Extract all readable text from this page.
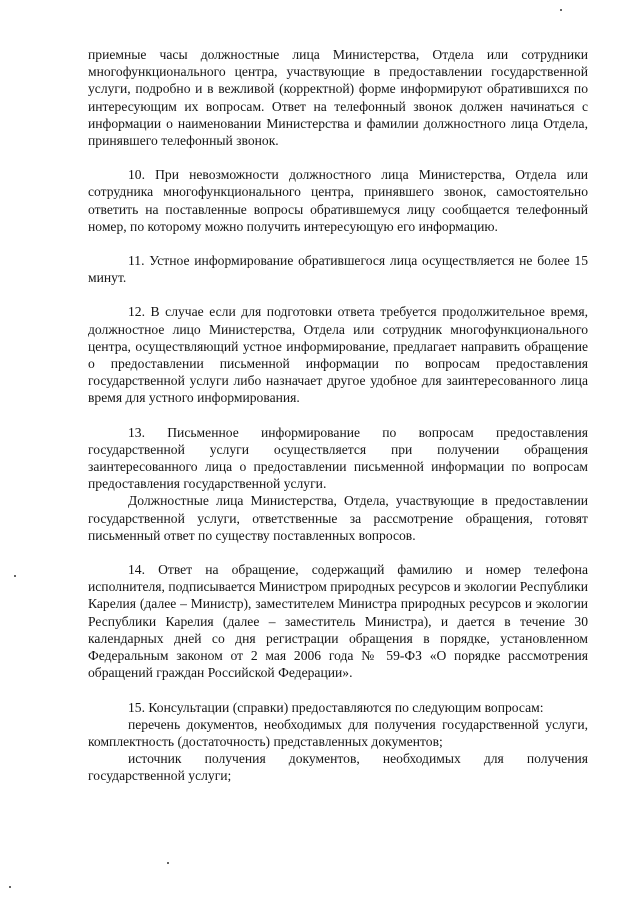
приемные часы должностные лица Министерства, Отдела или сотрудники многофункционального центра, участвующие в предоставлении государственной услуги, подробно и в вежливой (корректной) форме информируют обратившихся по интересующим их вопросам. Ответ на телефонный звонок должен начинаться с информации о наименовании Министерства и фамилии должностного лица Отдела, принявшего телефонный звонок.

10. При невозможности должностного лица Министерства, Отдела или сотрудника многофункционального центра, принявшего звонок, самостоятельно ответить на поставленные вопросы обратившемуся лицу сообщается телефонный номер, по которому можно получить интересующую его информацию.

11. Устное информирование обратившегося лица осуществляется не более 15 минут.

12. В случае если для подготовки ответа требуется продолжительное время, должностное лицо Министерства, Отдела или сотрудник многофункционального центра, осуществляющий устное информирование, предлагает направить обращение о предоставлении письменной информации по вопросам предоставления государственной услуги либо назначает другое удобное для заинтересованного лица время для устного информирования.

13. Письменное информирование по вопросам предоставления государственной услуги осуществляется при получении обращения заинтересованного лица о предоставлении письменной информации по вопросам предоставления государственной услуги.

Должностные лица Министерства, Отдела, участвующие в предоставлении государственной услуги, ответственные за рассмотрение обращения, готовят письменный ответ по существу поставленных вопросов.

14. Ответ на обращение, содержащий фамилию и номер телефона исполнителя, подписывается Министром природных ресурсов и экологии Республики Карелия (далее – Министр), заместителем Министра природных ресурсов и экологии Республики Карелия (далее – заместитель Министра), и дается в течение 30 календарных дней со дня регистрации обращения в порядке, установленном Федеральным законом от 2 мая 2006 года № 59-ФЗ «О порядке рассмотрения обращений граждан Российской Федерации».

15. Консультации (справки) предоставляются по следующим вопросам:

перечень документов, необходимых для получения государственной услуги, комплектность (достаточность) представленных документов;

источник получения документов, необходимых для получения государственной услуги;
